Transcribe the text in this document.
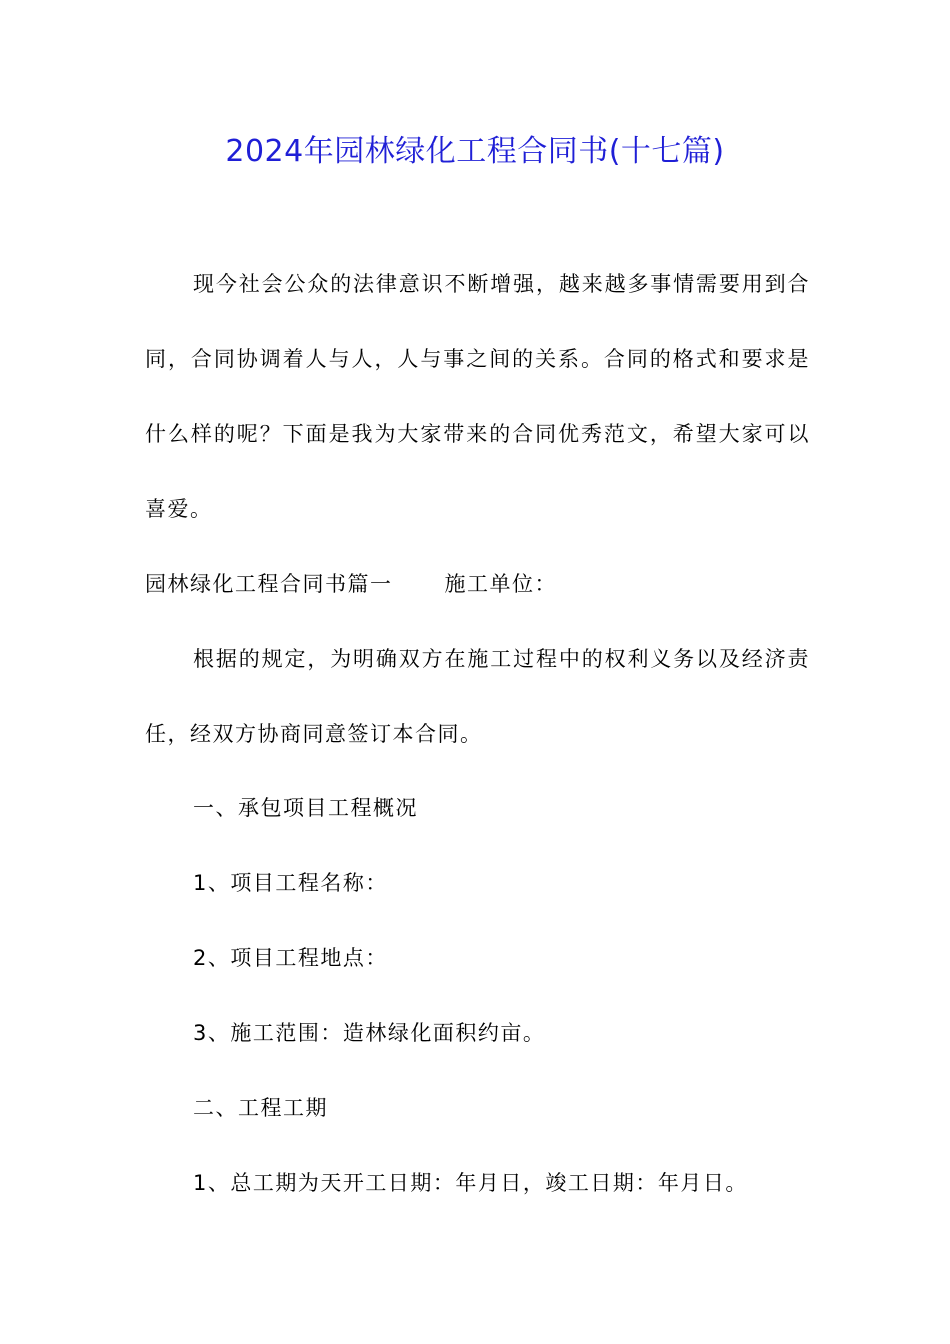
2024年园林绿化工程合同书(十七篇)

现今社会公众的法律意识不断增强，越来越多事情需要用到合同，合同协调着人与人，人与事之间的关系。合同的格式和要求是什么样的呢？下面是我为大家带来的合同优秀范文，希望大家可以喜爱。

园林绿化工程合同书篇一 施工单位：

根据的规定，为明确双方在施工过程中的权利义务以及经济责任，经双方协商同意签订本合同。

一、承包项目工程概况
1、项目工程名称：
2、项目工程地点：
3、施工范围：造林绿化面积约亩。
二、工程工期
1、总工期为天开工日期：年月日，竣工日期：年月日。
